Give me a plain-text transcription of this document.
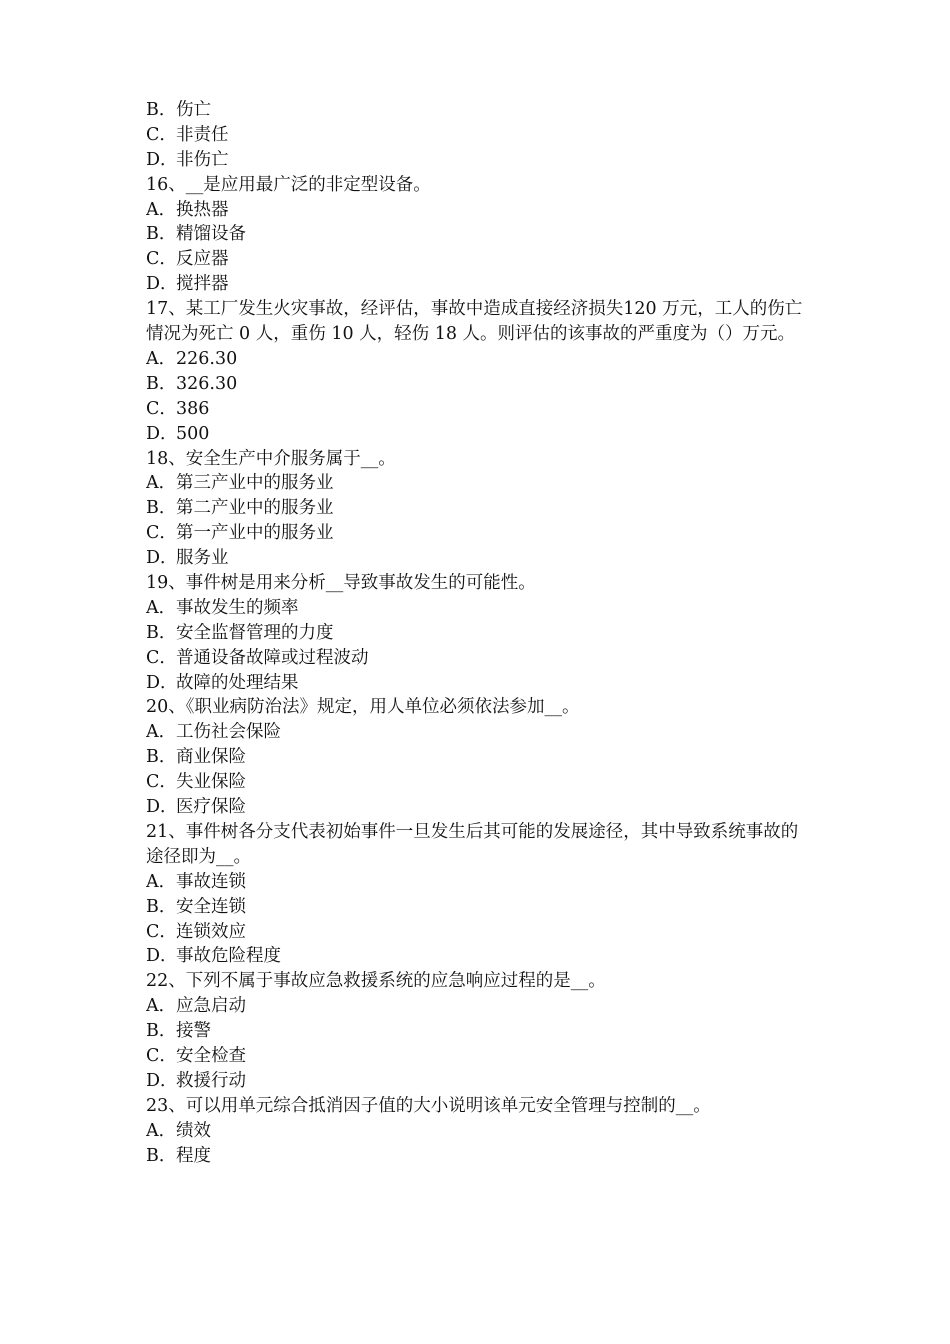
B． 伤亡
C． 非责任
D．
非伤亡
16、__是应用最广泛的非定型设备。
A． 换热器
B． 精馏设备
C． 反应器
D．
搅拌器
17、某工厂发生火灾事故，经评估，事故中造成直接经济损失120 万元，工人的伤亡情况为死亡 0 人，重伤 10 人，轻伤 18 人。则评估的该事故的严重度为（）万元。
A． 226.30
B． 326.30
C． 386
D．
500
18、安全生产中介服务属于__。
A． 第三产业中的服务业
B． 第二产业中的服务业
C． 第一产业中的服务业
D．
服务业
19、事件树是用来分析__导致事故发生的可能性。
A． 事故发生的频率
B． 安全监督管理的力度
C． 普通设备故障或过程波动
D．
故障的处理结果
20、《职业病防治法》规定，用人单位必须依法参加__。
A． 工伤社会保险
B． 商业保险
C． 失业保险
D．
医疗保险
21、事件树各分支代表初始事件一旦发生后其可能的发展途径，其中导致系统事故的途径即为__。
A． 事故连锁
B． 安全连锁
C． 连锁效应
D．
事故危险程度
22、下列不属于事故应急救援系统的应急响应过程的是__。
A． 应急启动
B． 接警
C． 安全检查
D．
救援行动
23、可以用单元综合抵消因子值的大小说明该单元安全管理与控制的__。
A． 绩效
B． 程度
